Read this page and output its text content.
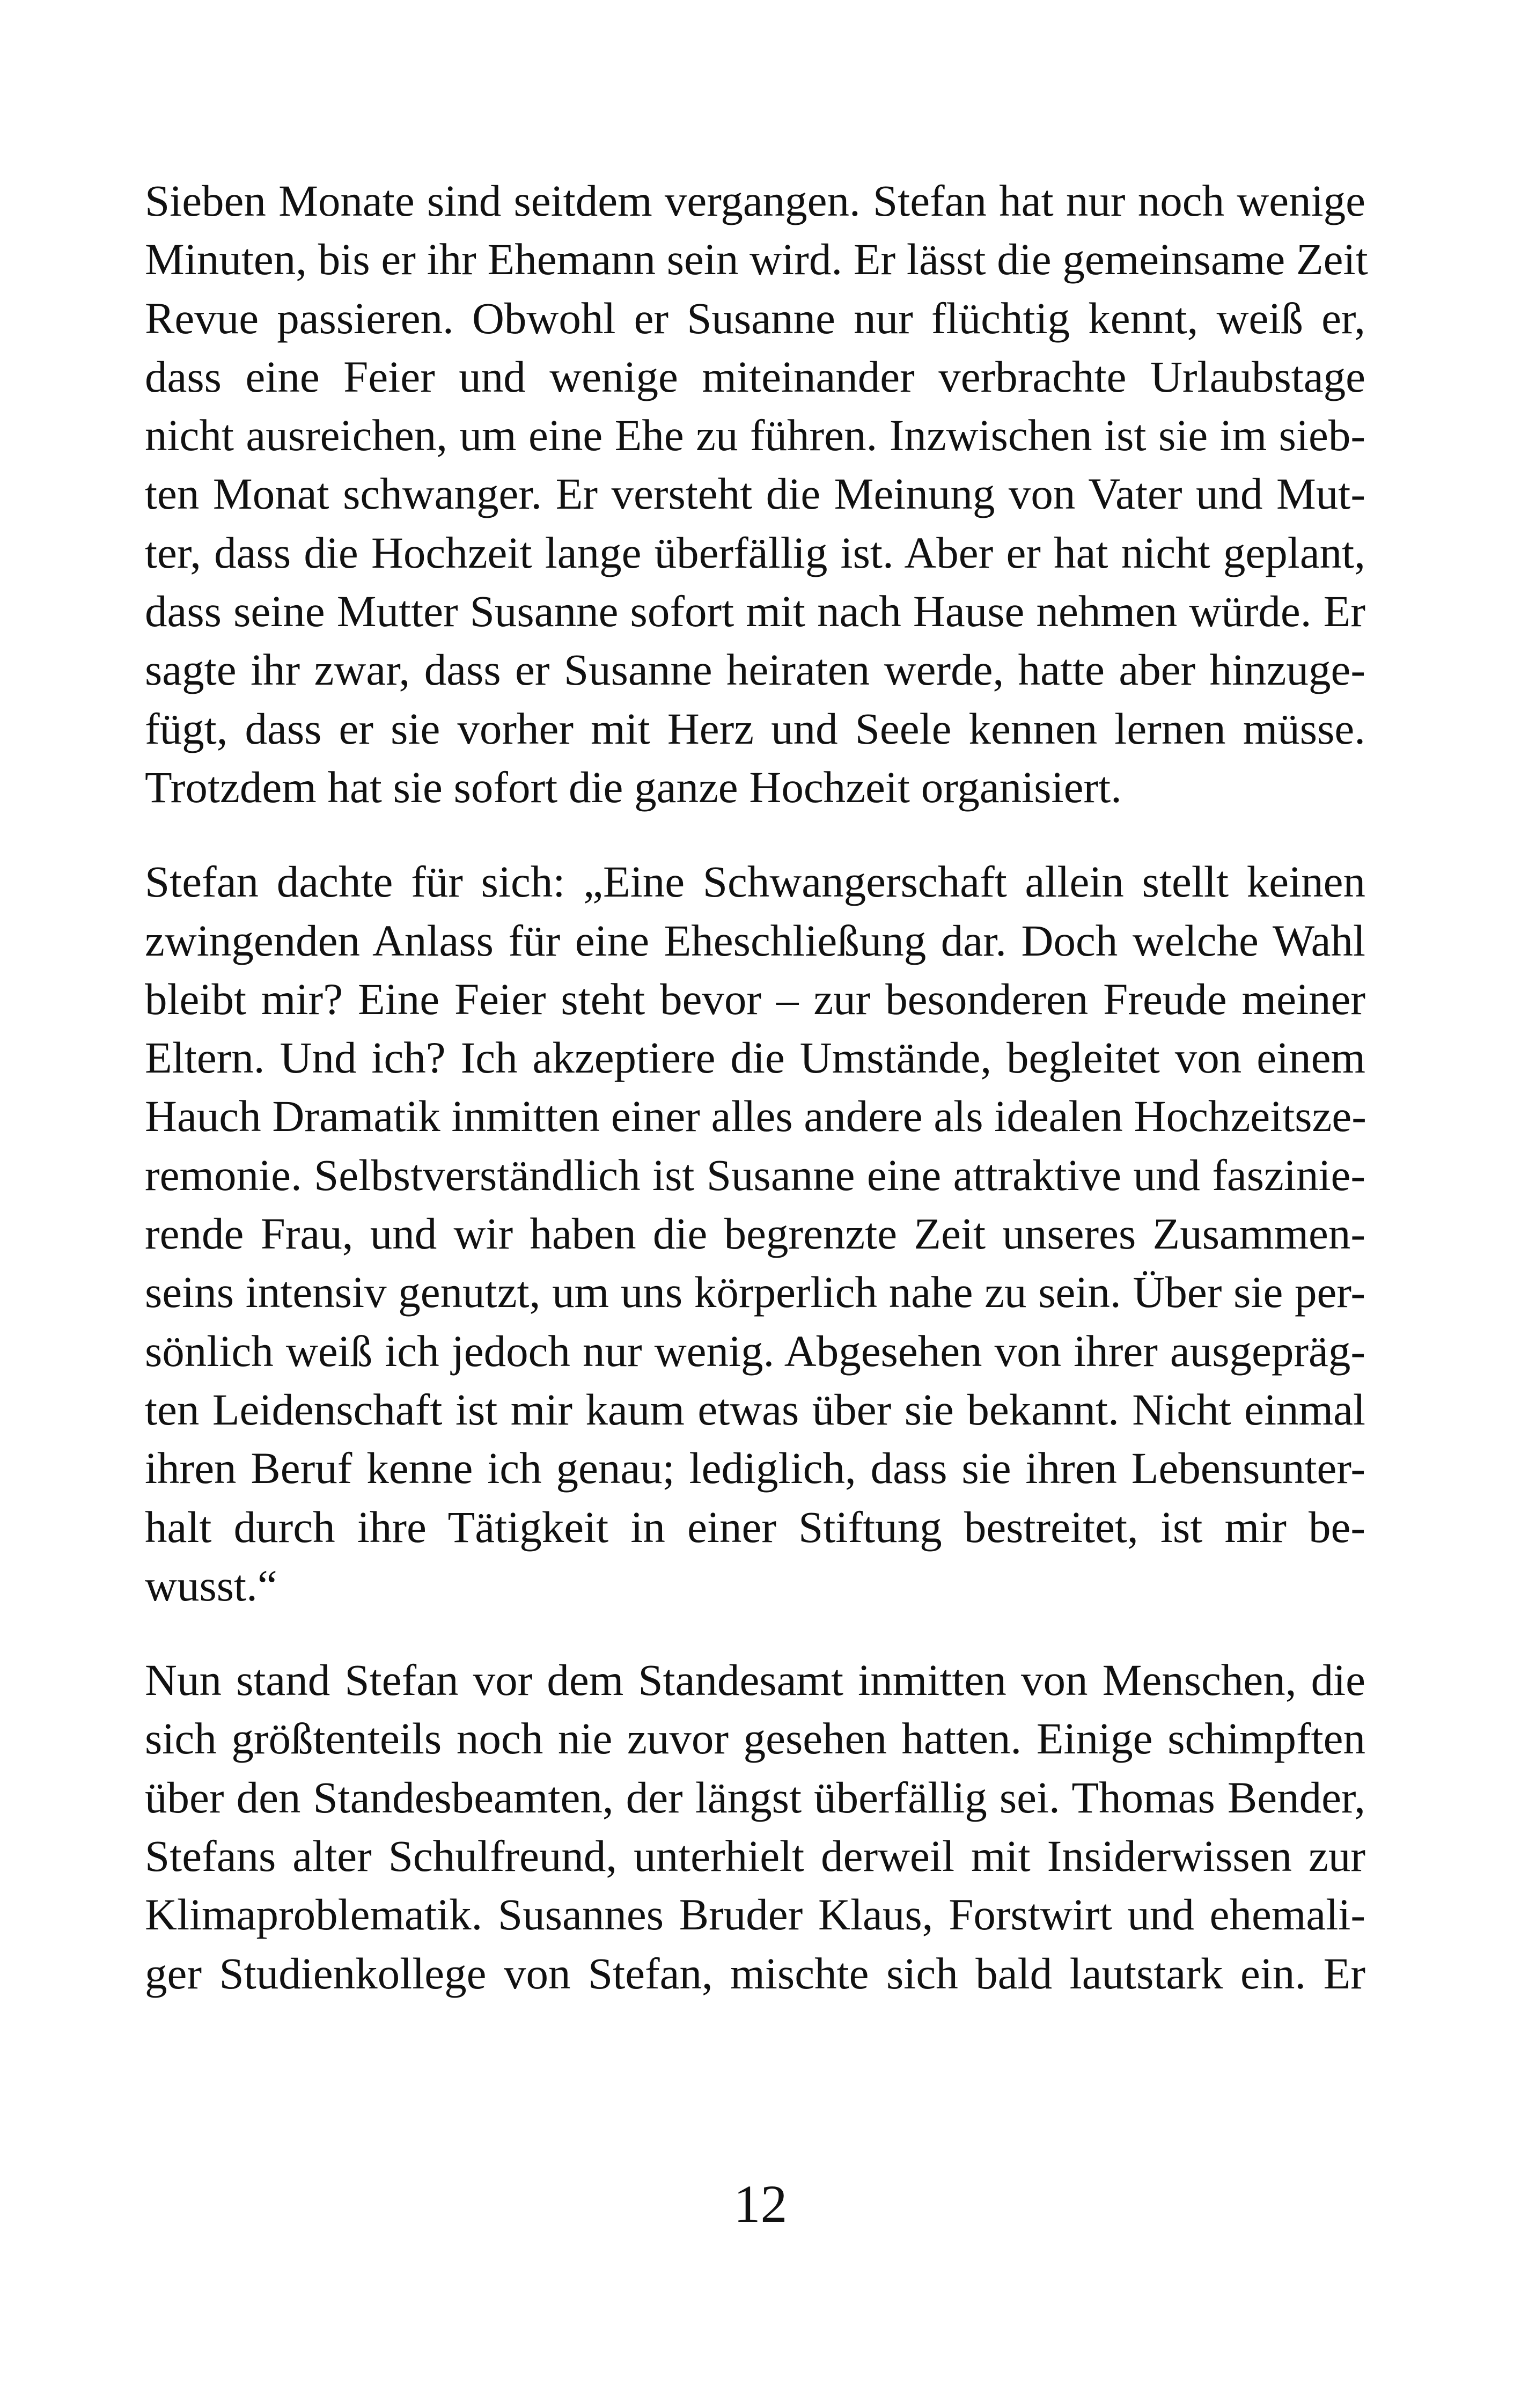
Sieben Monate sind seitdem vergangen. Stefan hat nur noch wenige
Minuten, bis er ihr Ehemann sein wird. Er lässt die gemeinsame Zeit
Revue passieren. Obwohl er Susanne nur flüchtig kennt, weiß er,
dass eine Feier und wenige miteinander verbrachte Urlaubstage
nicht ausreichen, um eine Ehe zu führen. Inzwischen ist sie im sieb-
ten Monat schwanger. Er versteht die Meinung von Vater und Mut-
ter, dass die Hochzeit lange überfällig ist. Aber er hat nicht geplant,
dass seine Mutter Susanne sofort mit nach Hause nehmen würde. Er
sagte ihr zwar, dass er Susanne heiraten werde, hatte aber hinzuge-
fügt, dass er sie vorher mit Herz und Seele kennen lernen müsse.
Trotzdem hat sie sofort die ganze Hochzeit organisiert.

Stefan dachte für sich: „Eine Schwangerschaft allein stellt keinen
zwingenden Anlass für eine Eheschließung dar. Doch welche Wahl
bleibt mir? Eine Feier steht bevor – zur besonderen Freude meiner
Eltern. Und ich? Ich akzeptiere die Umstände, begleitet von einem
Hauch Dramatik inmitten einer alles andere als idealen Hochzeitsze-
remonie. Selbstverständlich ist Susanne eine attraktive und faszinie-
rende Frau, und wir haben die begrenzte Zeit unseres Zusammen-
seins intensiv genutzt, um uns körperlich nahe zu sein. Über sie per-
sönlich weiß ich jedoch nur wenig. Abgesehen von ihrer ausgepräg-
ten Leidenschaft ist mir kaum etwas über sie bekannt. Nicht einmal
ihren Beruf kenne ich genau; lediglich, dass sie ihren Lebensunter-
halt durch ihre Tätigkeit in einer Stiftung bestreitet, ist mir be-
wusst.“

Nun stand Stefan vor dem Standesamt inmitten von Menschen, die
sich größtenteils noch nie zuvor gesehen hatten. Einige schimpften
über den Standesbeamten, der längst überfällig sei. Thomas Bender,
Stefans alter Schulfreund, unterhielt derweil mit Insiderwissen zur
Klimaproblematik. Susannes Bruder Klaus, Forstwirt und ehemali-
ger Studienkollege von Stefan, mischte sich bald lautstark ein. Er

12
